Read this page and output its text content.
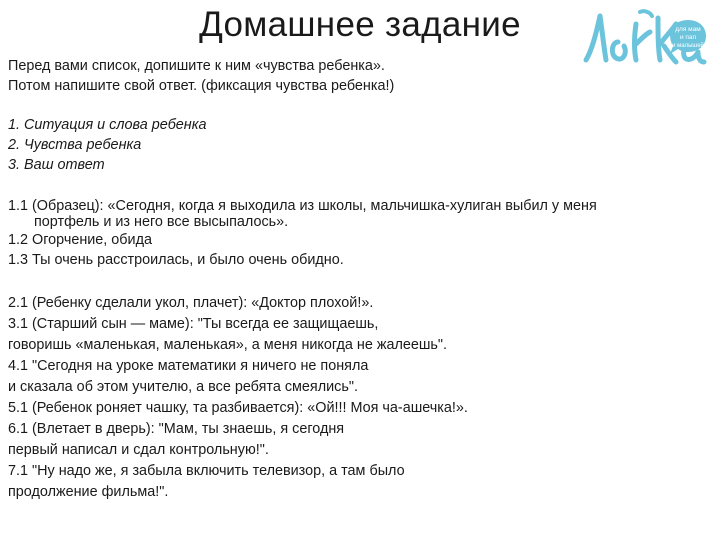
Домашнее задание	для мам
и пап
и малышей

Перед вами список, допишите к ним «чувства ребенка».

Потом напишите свой ответ. (фиксация чувства ребенка!)

1. Ситуация и слова ребенка

2. Чувства ребенка

3. Ваш ответ

1.1 (Образец): «Сегодня, когда я выходила из школы, мальчишка-хулиган выбил у меня

портфель и из него все высыпалось».

1.2 Огорчение, обида

1.3 Ты очень расстроилась, и было очень обидно.

2.1 (Ребенку сделали укол, плачет): «Доктор плохой!».

3.1 (Старший сын — маме): "Ты всегда ее защищаешь,

говоришь «маленькая, маленькая», а меня никогда не жалеешь".

4.1 "Сегодня на уроке математики я ничего не поняла

и сказала об этом учителю, а все ребята смеялись".

5.1 (Ребенок роняет чашку, та разбивается): «Ой!!! Моя ча-ашечка!».

6.1 (Влетает в дверь): "Мам, ты знаешь, я сегодня

первый написал и сдал контрольную!".

7.1 "Ну надо же, я забыла включить телевизор, а там было

продолжение фильма!".
